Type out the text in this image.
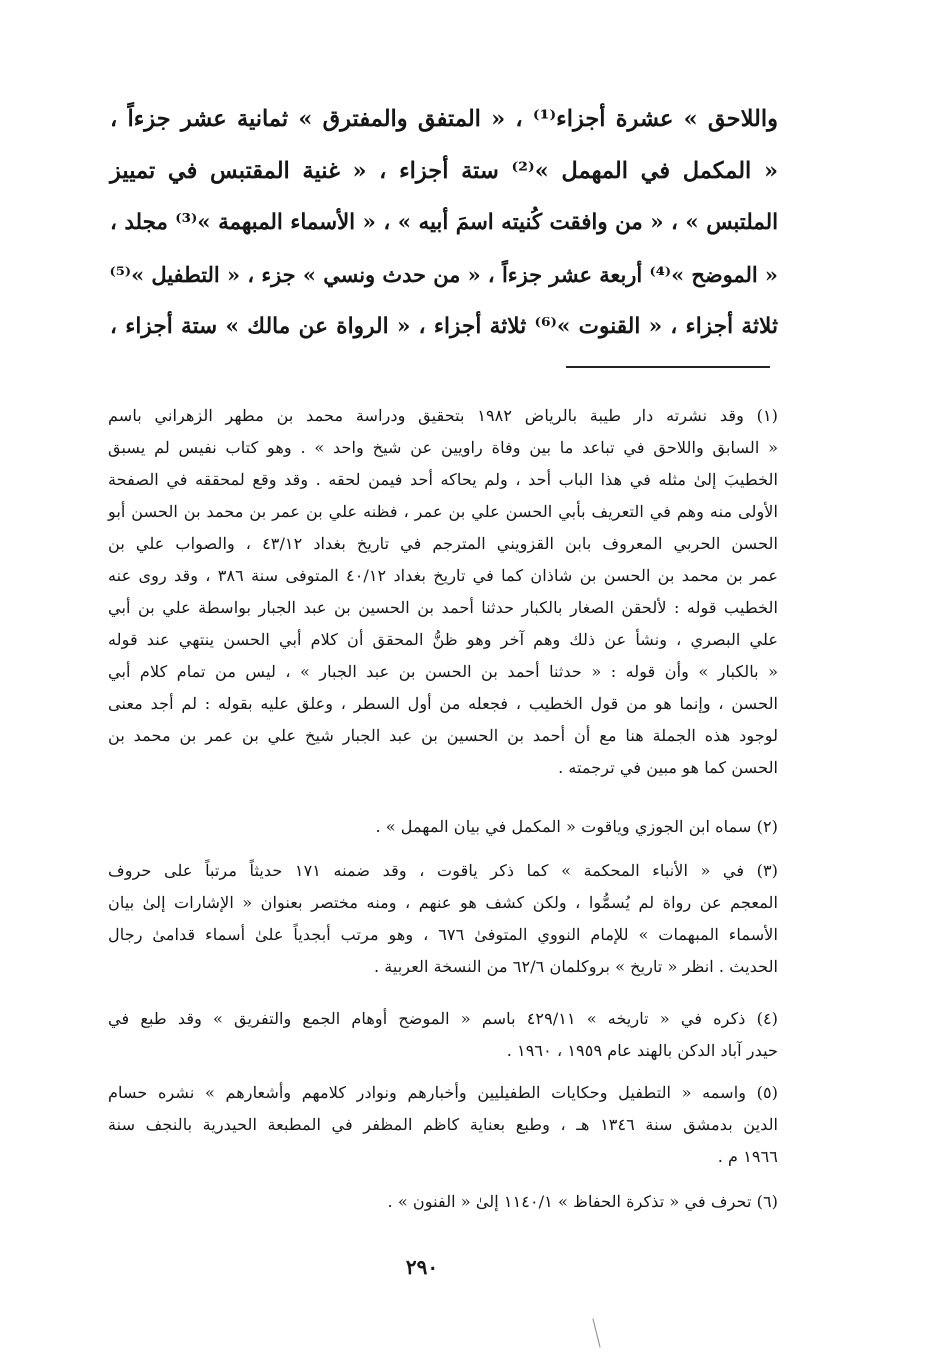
واللاحق » عشرة أجزاء⁽¹⁾ ، « المتفق والمفترق » ثمانية عشر جزءاً ،
« المكمل في المهمل »⁽²⁾ ستة أجزاء ، « غنية المقتبس في تمييز
الملتبس » ، « من وافقت كُنيته اسمَ أبيه » ، « الأسماء المبهمة »⁽³⁾ مجلد ،
« الموضح »⁽⁴⁾ أربعة عشر جزءاً ، « من حدث ونسي » جزء ، « التطفيل »⁽⁵⁾
ثلاثة أجزاء ، « القنوت »⁽⁶⁾ ثلاثة أجزاء ، « الرواة عن مالك » ستة أجزاء ،
(١) وقد نشرته دار طيبة بالرياض ١٩٨٢ بتحقيق ودراسة محمد بن مطهر الزهراني باسم
« السابق واللاحق في تباعد ما بين وفاة راويين عن شيخ واحد » . وهو كتاب نفيس لم يسبق
الخطيبَ إلىٰ مثله في هذا الباب أحد ، ولم يحاكه أحد فيمن لحقه . وقد وقع لمحققه في الصفحة
الأولى منه وهم في التعريف بأبي الحسن علي بن عمر ، فظنه علي بن عمر بن محمد بن الحسن أبو
الحسن الحربي المعروف بابن القزويني المترجم في تاريخ بغداد ٤٣/١٢ ، والصواب علي بن
عمر بن محمد بن الحسن بن شاذان كما في تاريخ بغداد ٤٠/١٢ المتوفى سنة ٣٨٦ ، وقد روى عنه
الخطيب قوله : لألحقن الصغار بالكبار حدثنا أحمد بن الحسين بن عبد الجبار بواسطة علي بن أبي
علي البصري ، ونشأ عن ذلك وهم آخر وهو ظنُّ المحقق أن كلام أبي الحسن ينتهي عند قوله
« بالكبار » وأن قوله : « حدثنا أحمد بن الحسن بن عبد الجبار » ، ليس من تمام كلام أبي
الحسن ، وإنما هو من قول الخطيب ، فجعله من أول السطر ، وعلق عليه بقوله : لم أجد معنى
لوجود هذه الجملة هنا مع أن أحمد بن الحسين بن عبد الجبار شيخ علي بن عمر بن محمد بن
الحسن كما هو مبين في ترجمته .
(٢) سماه ابن الجوزي وياقوت « المكمل في بيان المهمل » .
(٣) في « الأنباء المحكمة » كما ذكر ياقوت ، وقد ضمنه ١٧١ حديثاً مرتباً على حروف
المعجم عن رواة لم يُسمُّوا ، ولكن كشف هو عنهم ، ومنه مختصر بعنوان « الإشارات إلىٰ بيان
الأسماء المبهمات » للإمام النووي المتوفىٰ ٦٧٦ ، وهو مرتب أبجدياً علىٰ أسماء قدامىٰ رجال
الحديث . انظر « تاريخ » بروكلمان ٦٢/٦ من النسخة العربية .
(٤) ذكره في « تاريخه » ٤٢٩/١١ باسم « الموضح أوهام الجمع والتفريق » وقد طبع في
حيدر آباد الدكن بالهند عام ١٩٥٩ ، ١٩٦٠ .
(٥) واسمه « التطفيل وحكايات الطفيليين وأخبارهم ونوادر كلامهم وأشعارهم » نشره حسام
الدين بدمشق سنة ١٣٤٦ هـ ، وطبع بعناية كاظم المظفر في المطبعة الحيدرية بالنجف سنة
١٩٦٦ م .
(٦) تحرف في « تذكرة الحفاظ » ١١٤٠/١ إلىٰ « الفنون » .
٢٩٠
